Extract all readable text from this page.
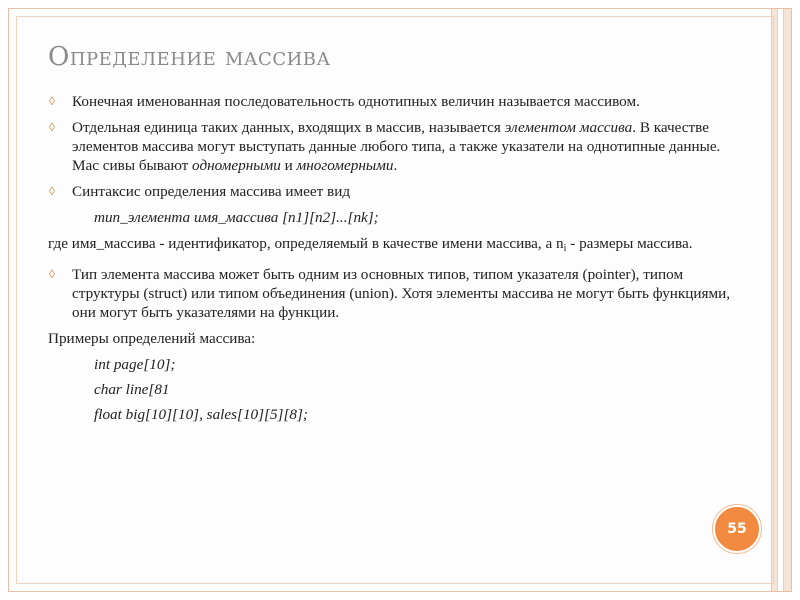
Определение массива
◊ Конечная именованная последовательность однотипных величин называется массивом.
◊ Отдельная единица таких данных, входящих в массив, называется элементом массива. В качестве элементов массива могут выступать данные любого типа, а также указатели на однотипные данные. Мас сивы бывают одномерными и многомерными.
◊ Синтаксис определения массива имеет вид
тип_элемента имя_массива [n1][n2]...[nk];
где имя_массива - идентификатор, определяемый в качестве имени массива, а $n_i$ - размеры массива.
◊ Тип элемента массива может быть одним из основных типов, типом указателя (pointer), типом структуры (struct) или типом объединения (union). Хотя элементы массива не могут быть функциями, они могут быть указателями на функции.
Примеры определений массива:
int page[10];
char line[81
float big[10][10], sales[10][5][8];
55
